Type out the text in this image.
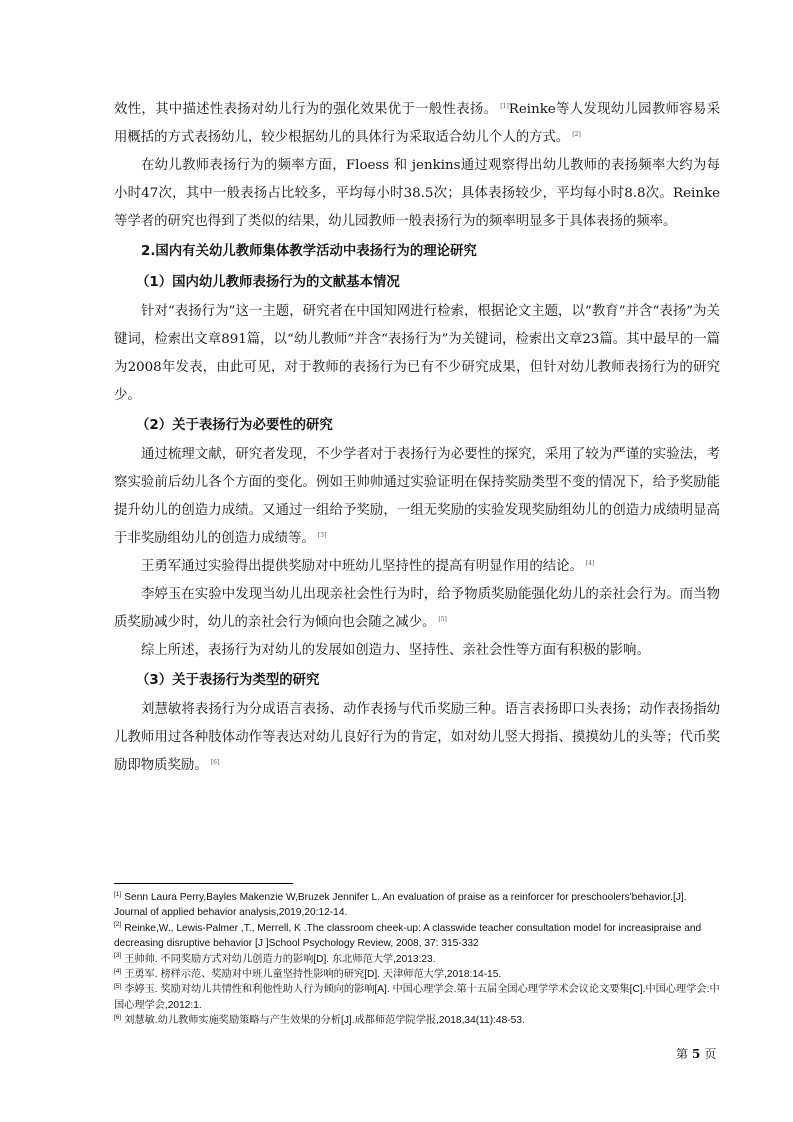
效性，其中描述性表扬对幼儿行为的强化效果优于一般性表扬。 [1]Reinke等人发现幼儿园教师容易采用概括的方式表扬幼儿，较少根据幼儿的具体行为采取适合幼儿个人的方式。 [2]

在幼儿教师表扬行为的频率方面，Floess 和 jenkins通过观察得出幼儿教师的表扬频率大约为每小时47次，其中一般表扬占比较多，平均每小时38.5次；具体表扬较少，平均每小时8.8次。Reinke等学者的研究也得到了类似的结果，幼儿园教师一般表扬行为的频率明显多于具体表扬的频率。

2.国内有关幼儿教师集体教学活动中表扬行为的理论研究

（1）国内幼儿教师表扬行为的文献基本情况

针对“表扬行为”这一主题，研究者在中国知网进行检索，根据论文主题，以“教育”并含“表扬”为关键词，检索出文章891篇，以“幼儿教师”并含“表扬行为”为关键词，检索出文章23篇。其中最早的一篇为2008年发表，由此可见，对于教师的表扬行为已有不少研究成果，但针对幼儿教师表扬行为的研究少。

（2）关于表扬行为必要性的研究

通过梳理文献，研究者发现，不少学者对于表扬行为必要性的探究，采用了较为严谨的实验法，考察实验前后幼儿各个方面的变化。例如王帅帅通过实验证明在保持奖励类型不变的情况下，给予奖励能提升幼儿的创造力成绩。又通过一组给予奖励，一组无奖励的实验发现奖励组幼儿的创造力成绩明显高于非奖励组幼儿的创造力成绩等。 [3]

王勇军通过实验得出提供奖励对中班幼儿坚持性的提高有明显作用的结论。 [4]

李婷玉在实验中发现当幼儿出现亲社会性行为时，给予物质奖励能强化幼儿的亲社会行为。而当物质奖励减少时，幼儿的亲社会行为倾向也会随之减少。 [5]

综上所述，表扬行为对幼儿的发展如创造力、坚持性、亲社会性等方面有积极的影响。

（3）关于表扬行为类型的研究

刘慧敏将表扬行为分成语言表扬、动作表扬与代币奖励三种。语言表扬即口头表扬；动作表扬指幼儿教师用过各种肢体动作等表达对幼儿良好行为的肯定，如对幼儿竖大拇指、摸摸幼儿的头等；代币奖励即物质奖励。 [6]

[1] Senn Laura Perry,Bayles Makenzie W,Bruzek Jennifer L. An evaluation of praise as a reinforcer for preschoolers'behavior.[J]. Journal of applied behavior analysis,2019,20:12-14.

[2] Reinke,W., Lewis-Palmer ,T., Merrell, K .The classroom cheek-up: A classwide teacher consultation model for increasipraise and decreasing disruptive behavior [J ]School Psychology Review, 2008, 37: 315-332

[3] 王帅帅. 不同奖励方式对幼儿创造力的影响[D]. 东北师范大学,2013:23.

[4] 王勇军. 榜样示范、奖励对中班儿童坚持性影响的研究[D]. 天津师范大学,2018:14-15.

[5] 李婷玉. 奖励对幼儿共情性和利他性助人行为倾向的影响[A]. 中国心理学会.第十五届全国心理学学术会议论文要集[C].中国心理学会:中国心理学会,2012:1.

[6] 刘慧敏.幼儿教师实施奖励策略与产生效果的分析[J].成都师范学院学报,2018,34(11):48-53.

第 5 页
